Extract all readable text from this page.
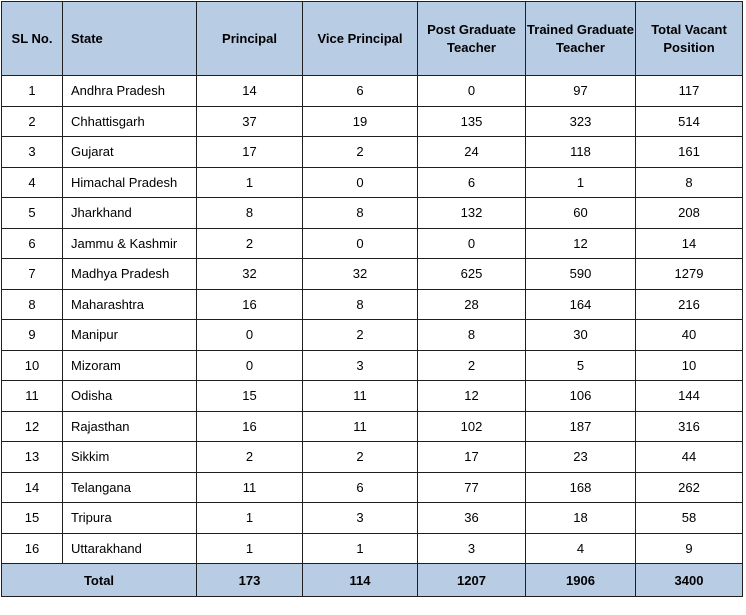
SL No.	State	Principal	Vice Principal	Post Graduate Teacher	Trained Graduate Teacher	Total Vacant Position
1	Andhra Pradesh	14	6	0	97	117
2	Chhattisgarh	37	19	135	323	514
3	Gujarat	17	2	24	118	161
4	Himachal Pradesh	1	0	6	1	8
5	Jharkhand	8	8	132	60	208
6	Jammu & Kashmir	2	0	0	12	14
7	Madhya Pradesh	32	32	625	590	1279
8	Maharashtra	16	8	28	164	216
9	Manipur	0	2	8	30	40
10	Mizoram	0	3	2	5	10
11	Odisha	15	11	12	106	144
12	Rajasthan	16	11	102	187	316
13	Sikkim	2	2	17	23	44
14	Telangana	11	6	77	168	262
15	Tripura	1	3	36	18	58
16	Uttarakhand	1	1	3	4	9
Total		173	114	1207	1906	3400
